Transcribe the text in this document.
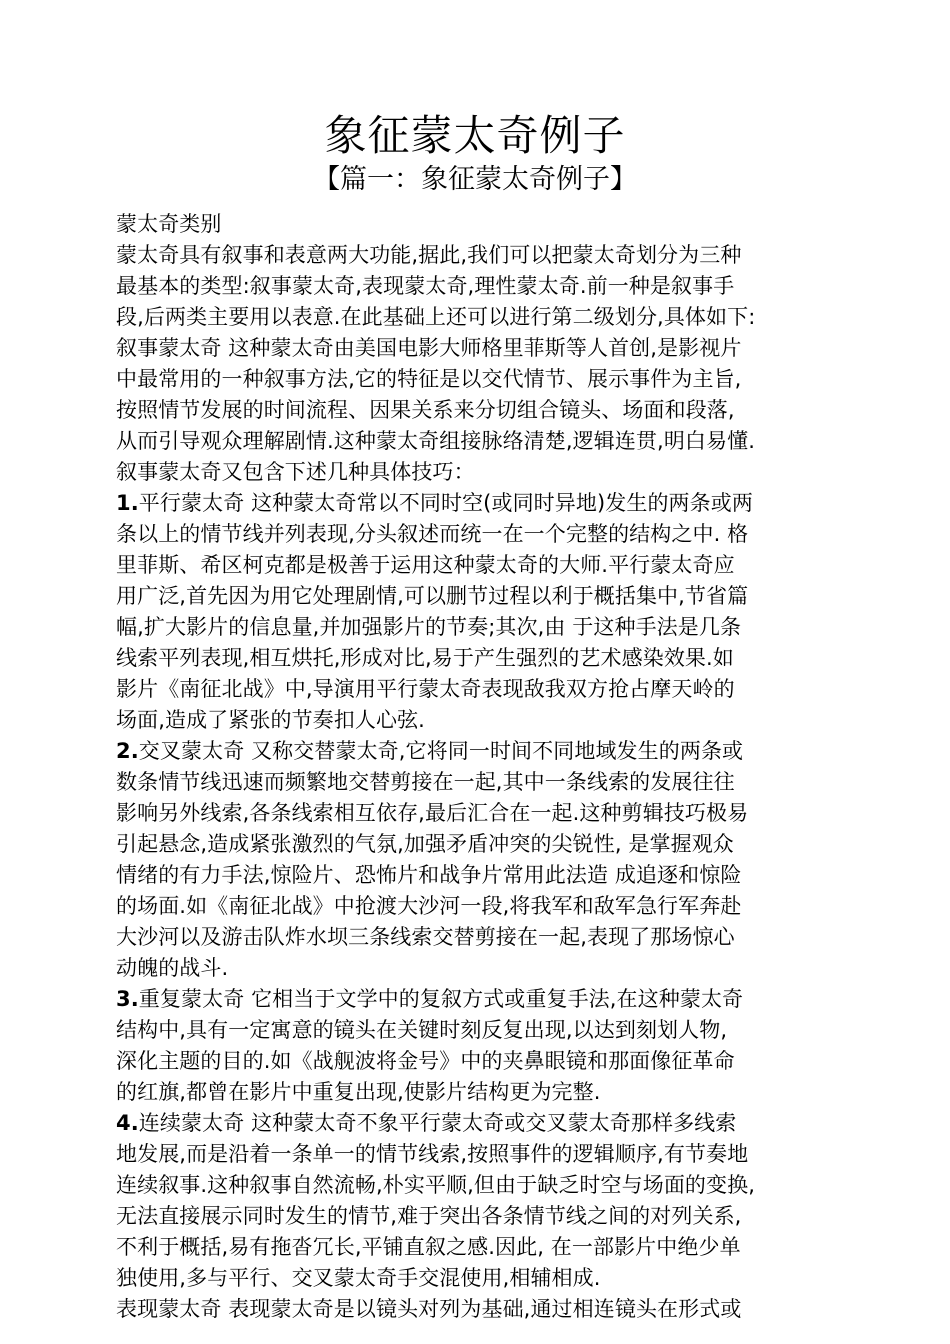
象征蒙太奇例子
【篇一：象征蒙太奇例子】
蒙太奇类别
蒙太奇具有叙事和表意两大功能,据此,我们可以把蒙太奇划分为三种
最基本的类型:叙事蒙太奇,表现蒙太奇,理性蒙太奇.前一种是叙事手
段,后两类主要用以表意.在此基础上还可以进行第二级划分,具体如下:
叙事蒙太奇 这种蒙太奇由美国电影大师格里菲斯等人首创,是影视片
中最常用的一种叙事方法,它的特征是以交代情节、展示事件为主旨,
按照情节发展的时间流程、因果关系来分切组合镜头、场面和段落,
从而引导观众理解剧情.这种蒙太奇组接脉络清楚,逻辑连贯,明白易懂.
叙事蒙太奇又包含下述几种具体技巧：
1.平行蒙太奇 这种蒙太奇常以不同时空(或同时异地)发生的两条或两
条以上的情节线并列表现,分头叙述而统一在一个完整的结构之中. 格
里菲斯、希区柯克都是极善于运用这种蒙太奇的大师.平行蒙太奇应
用广泛,首先因为用它处理剧情,可以删节过程以利于概括集中,节省篇
幅,扩大影片的信息量,并加强影片的节奏;其次,由 于这种手法是几条
线索平列表现,相互烘托,形成对比,易于产生强烈的艺术感染效果.如
影片《南征北战》中,导演用平行蒙太奇表现敌我双方抢占摩天岭的
场面,造成了紧张的节奏扣人心弦.
2.交叉蒙太奇 又称交替蒙太奇,它将同一时间不同地域发生的两条或
数条情节线迅速而频繁地交替剪接在一起,其中一条线索的发展往往
影响另外线索,各条线索相互依存,最后汇合在一起.这种剪辑技巧极易
引起悬念,造成紧张激烈的气氛,加强矛盾冲突的尖锐性, 是掌握观众
情绪的有力手法,惊险片、恐怖片和战争片常用此法造 成追逐和惊险
的场面.如《南征北战》中抢渡大沙河一段,将我军和敌军急行军奔赴
大沙河以及游击队炸水坝三条线索交替剪接在一起,表现了那场惊心
动魄的战斗.
3.重复蒙太奇 它相当于文学中的复叙方式或重复手法,在这种蒙太奇
结构中,具有一定寓意的镜头在关键时刻反复出现,以达到刻划人物,
深化主题的目的.如《战舰波将金号》中的夹鼻眼镜和那面像征革命
的红旗,都曾在影片中重复出现,使影片结构更为完整.
4.连续蒙太奇 这种蒙太奇不象平行蒙太奇或交叉蒙太奇那样多线索
地发展,而是沿着一条单一的情节线索,按照事件的逻辑顺序,有节奏地
连续叙事.这种叙事自然流畅,朴实平顺,但由于缺乏时空与场面的变换,
无法直接展示同时发生的情节,难于突出各条情节线之间的对列关系,
不利于概括,易有拖沓冗长,平铺直叙之感.因此, 在一部影片中绝少单
独使用,多与平行、交叉蒙太奇手交混使用,相辅相成.
表现蒙太奇 表现蒙太奇是以镜头对列为基础,通过相连镜头在形式或
